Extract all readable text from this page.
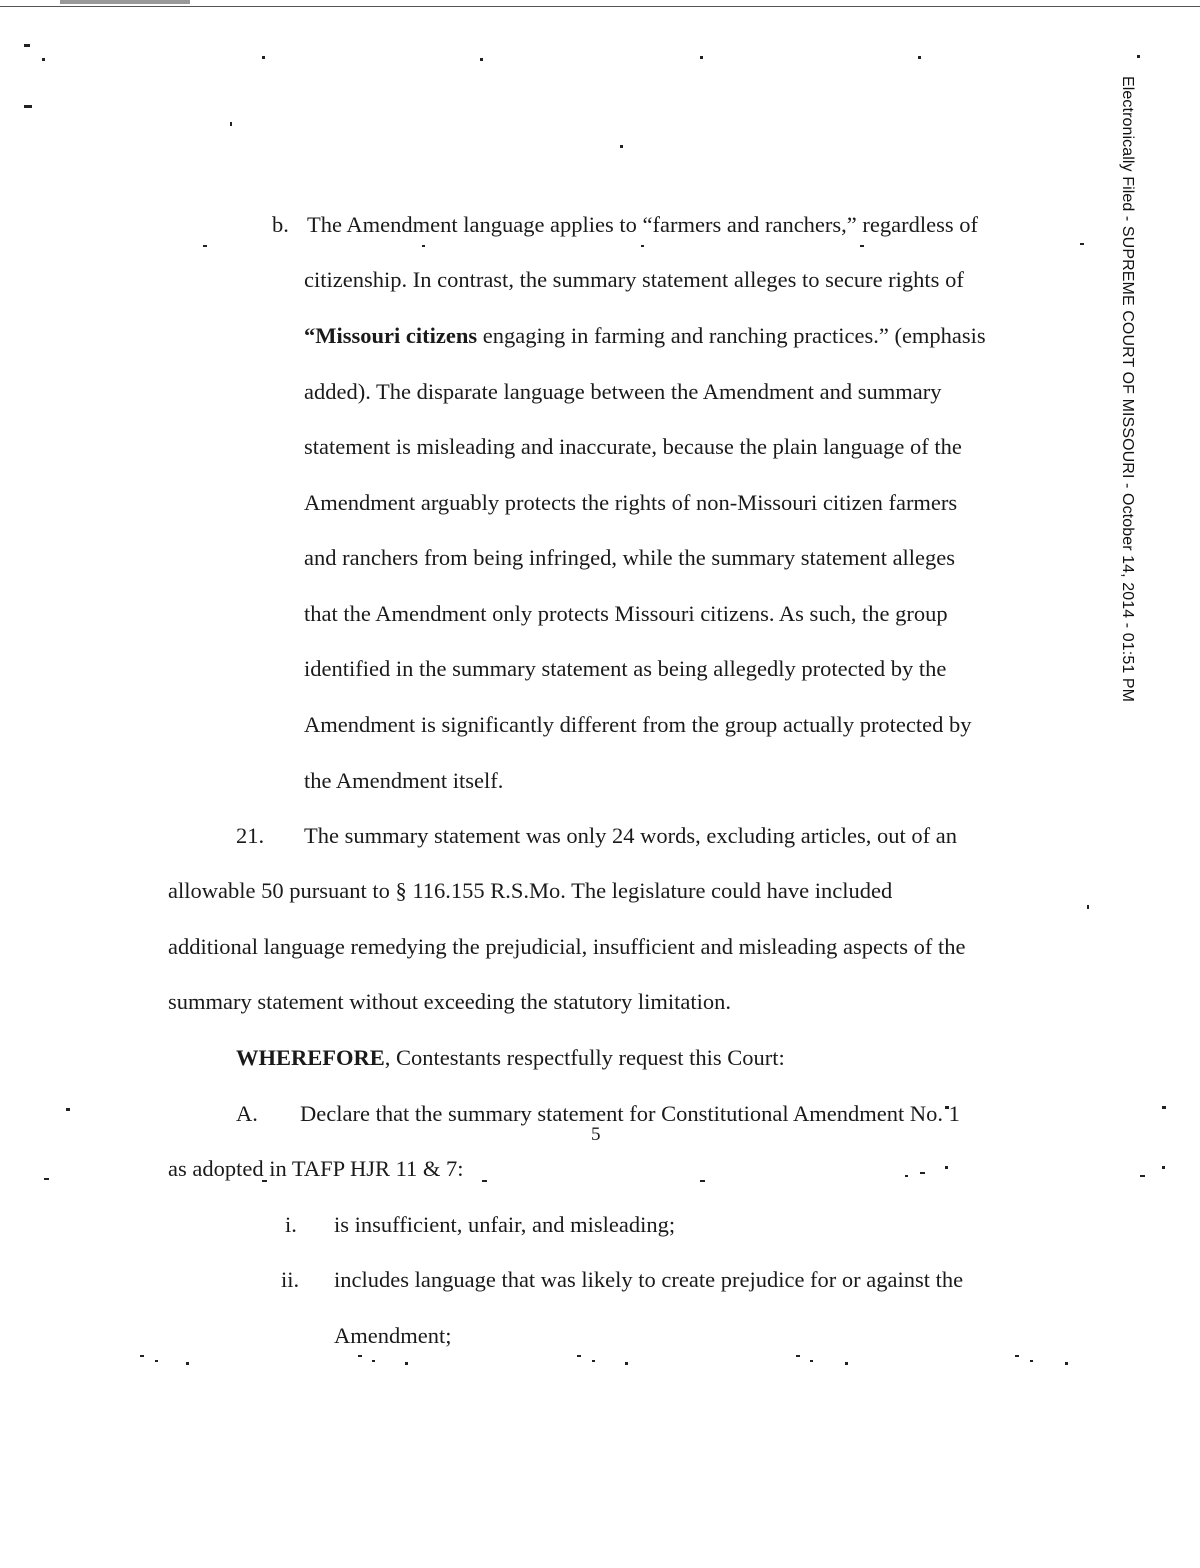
Electronically Filed - SUPREME COURT OF MISSOURI - October 14, 2014 - 01:51 PM
b. The Amendment language applies to “farmers and ranchers,” regardless of
citizenship. In contrast, the summary statement alleges to secure rights of
“Missouri citizens engaging in farming and ranching practices.” (emphasis
added). The disparate language between the Amendment and summary
statement is misleading and inaccurate, because the plain language of the
Amendment arguably protects the rights of non-Missouri citizen farmers
and ranchers from being infringed, while the summary statement alleges
that the Amendment only protects Missouri citizens. As such, the group
identified in the summary statement as being allegedly protected by the
Amendment is significantly different from the group actually protected by
the Amendment itself.
21. The summary statement was only 24 words, excluding articles, out of an
allowable 50 pursuant to § 116.155 R.S.Mo. The legislature could have included
additional language remedying the prejudicial, insufficient and misleading aspects of the
summary statement without exceeding the statutory limitation.
WHEREFORE, Contestants respectfully request this Court:
A. Declare that the summary statement for Constitutional Amendment No. 1
as adopted in TAFP HJR 11 & 7:
i. is insufficient, unfair, and misleading;
ii. includes language that was likely to create prejudice for or against the
Amendment;
5
